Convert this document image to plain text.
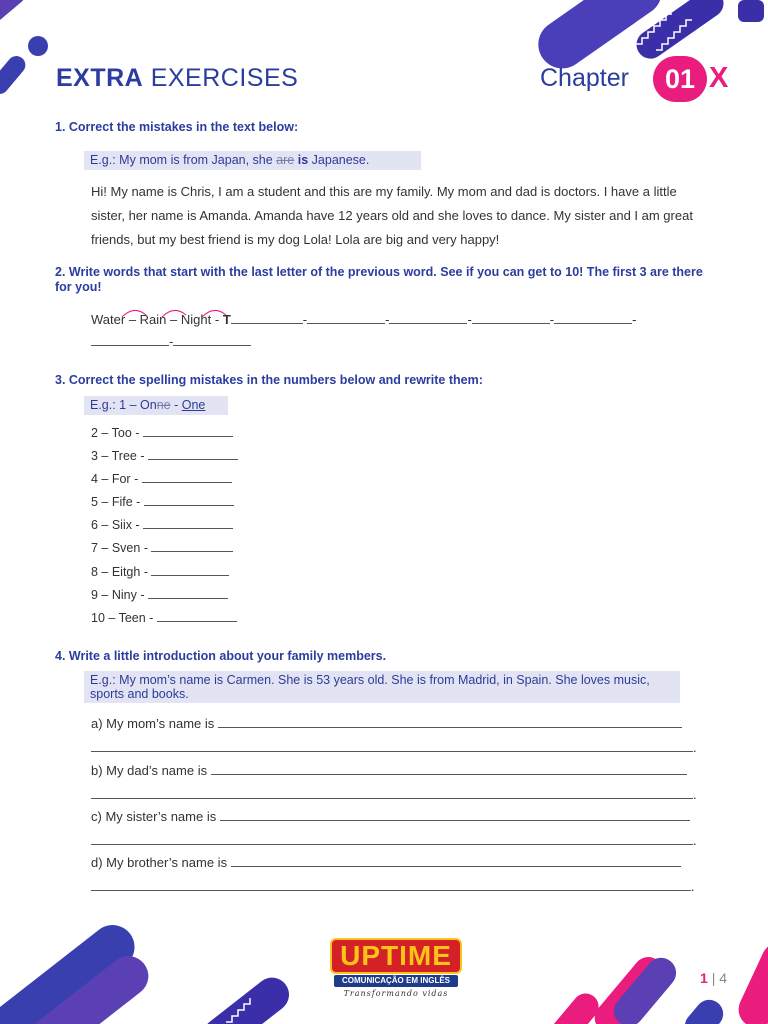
EXTRA EXERCISES	Chapter	01 X
1. Correct the mistakes in the text below:
E.g.: My mom is from Japan, she are is Japanese.
Hi! My name is Chris, I am a student and this are my family. My mom and dad is doctors. I have a little sister, her name is Amanda. Amanda have 12 years old and she loves to dance. My sister and I am great friends, but my best friend is my dog Lola! Lola are big and very happy!
2. Write words that start with the last letter of the previous word. See if you can get to 10! The first 3 are there for you!
Water – Rain – Night - T	-	-	-	-	-
-
3. Correct the spelling mistakes in the numbers below and rewrite them:
E.g.: 1 – Onne - One
2 – Too -
3 – Tree -
4 – For -
5 – Fife -
6 – Siix -
7 – Sven -
8 – Eitgh -
9 – Niny -
10 – Teen -
4. Write a little introduction about your family members.
E.g.: My mom’s name is Carmen. She is 53 years old. She is from Madrid, in Spain. She loves music, sports and books.
a) My mom’s name is
.
b) My dad’s name is
.
c) My sister’s name is
.
d) My brother’s name is
.
UPTIME
COMUNICAÇÃO EM INGLÊS
Transformando vidas
1 | 4
